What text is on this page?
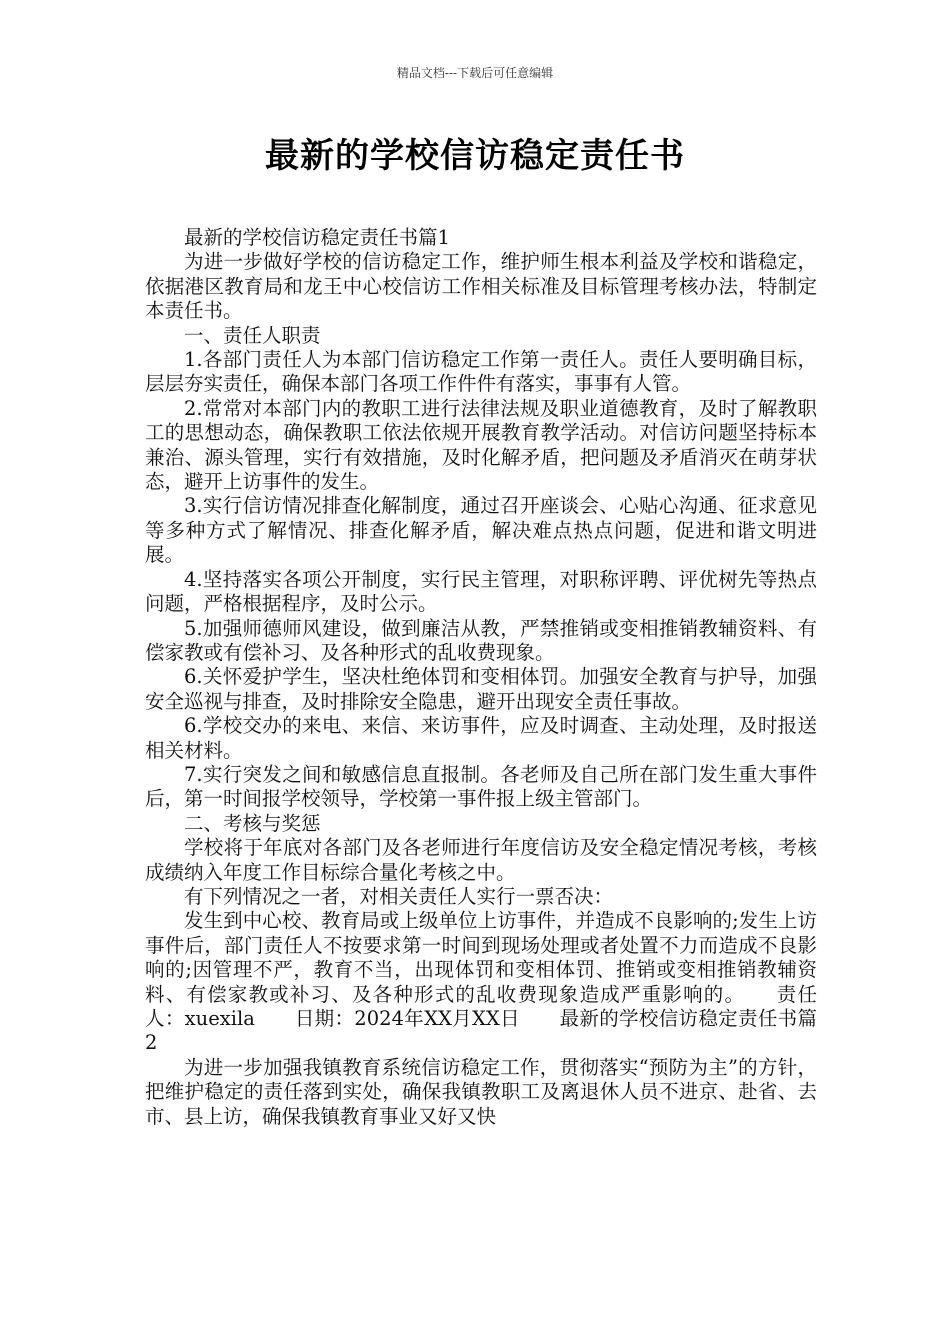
精品文档---下载后可任意编辑
最新的学校信访稳定责任书

最新的学校信访稳定责任书篇1

为进一步做好学校的信访稳定工作，维护师生根本利益及学校和谐稳定，依据港区教育局和龙王中心校信访工作相关标准及目标管理考核办法，特制定本责任书。

一、责任人职责

1.各部门责任人为本部门信访稳定工作第一责任人。责任人要明确目标，层层夯实责任，确保本部门各项工作件件有落实，事事有人管。

2.常常对本部门内的教职工进行法律法规及职业道德教育，及时了解教职工的思想动态，确保教职工依法依规开展教育教学活动。对信访问题坚持标本兼治、源头管理，实行有效措施，及时化解矛盾，把问题及矛盾消灭在萌芽状态，避开上访事件的发生。

3.实行信访情况排查化解制度，通过召开座谈会、心贴心沟通、征求意见等多种方式了解情况、排查化解矛盾，解决难点热点问题，促进和谐文明进展。

4.坚持落实各项公开制度，实行民主管理，对职称评聘、评优树先等热点问题，严格根据程序，及时公示。

5.加强师德师风建设，做到廉洁从教，严禁推销或变相推销教辅资料、有偿家教或有偿补习、及各种形式的乱收费现象。

6.关怀爱护学生，坚决杜绝体罚和变相体罚。加强安全教育与护导，加强安全巡视与排查，及时排除安全隐患，避开出现安全责任事故。

6.学校交办的来电、来信、来访事件，应及时调查、主动处理，及时报送相关材料。

7.实行突发之间和敏感信息直报制。各老师及自己所在部门发生重大事件后，第一时间报学校领导，学校第一事件报上级主管部门。

二、考核与奖惩

学校将于年底对各部门及各老师进行年度信访及安全稳定情况考核，考核成绩纳入年度工作目标综合量化考核之中。

有下列情况之一者，对相关责任人实行一票否决：

发生到中心校、教育局或上级单位上访事件，并造成不良影响的;发生上访事件后，部门责任人不按要求第一时间到现场处理或者处置不力而造成不良影响的;因管理不严，教育不当，出现体罚和变相体罚、推销或变相推销教辅资料、有偿家教或补习、及各种形式的乱收费现象造成严重影响的。　　责任人：xuexila　　日期：2024年XX月XX日　　最新的学校信访稳定责任书篇2

为进一步加强我镇教育系统信访稳定工作，贯彻落实“预防为主”的方针，把维护稳定的责任落到实处，确保我镇教职工及离退休人员不进京、赴省、去市、县上访，确保我镇教育事业又好又快
